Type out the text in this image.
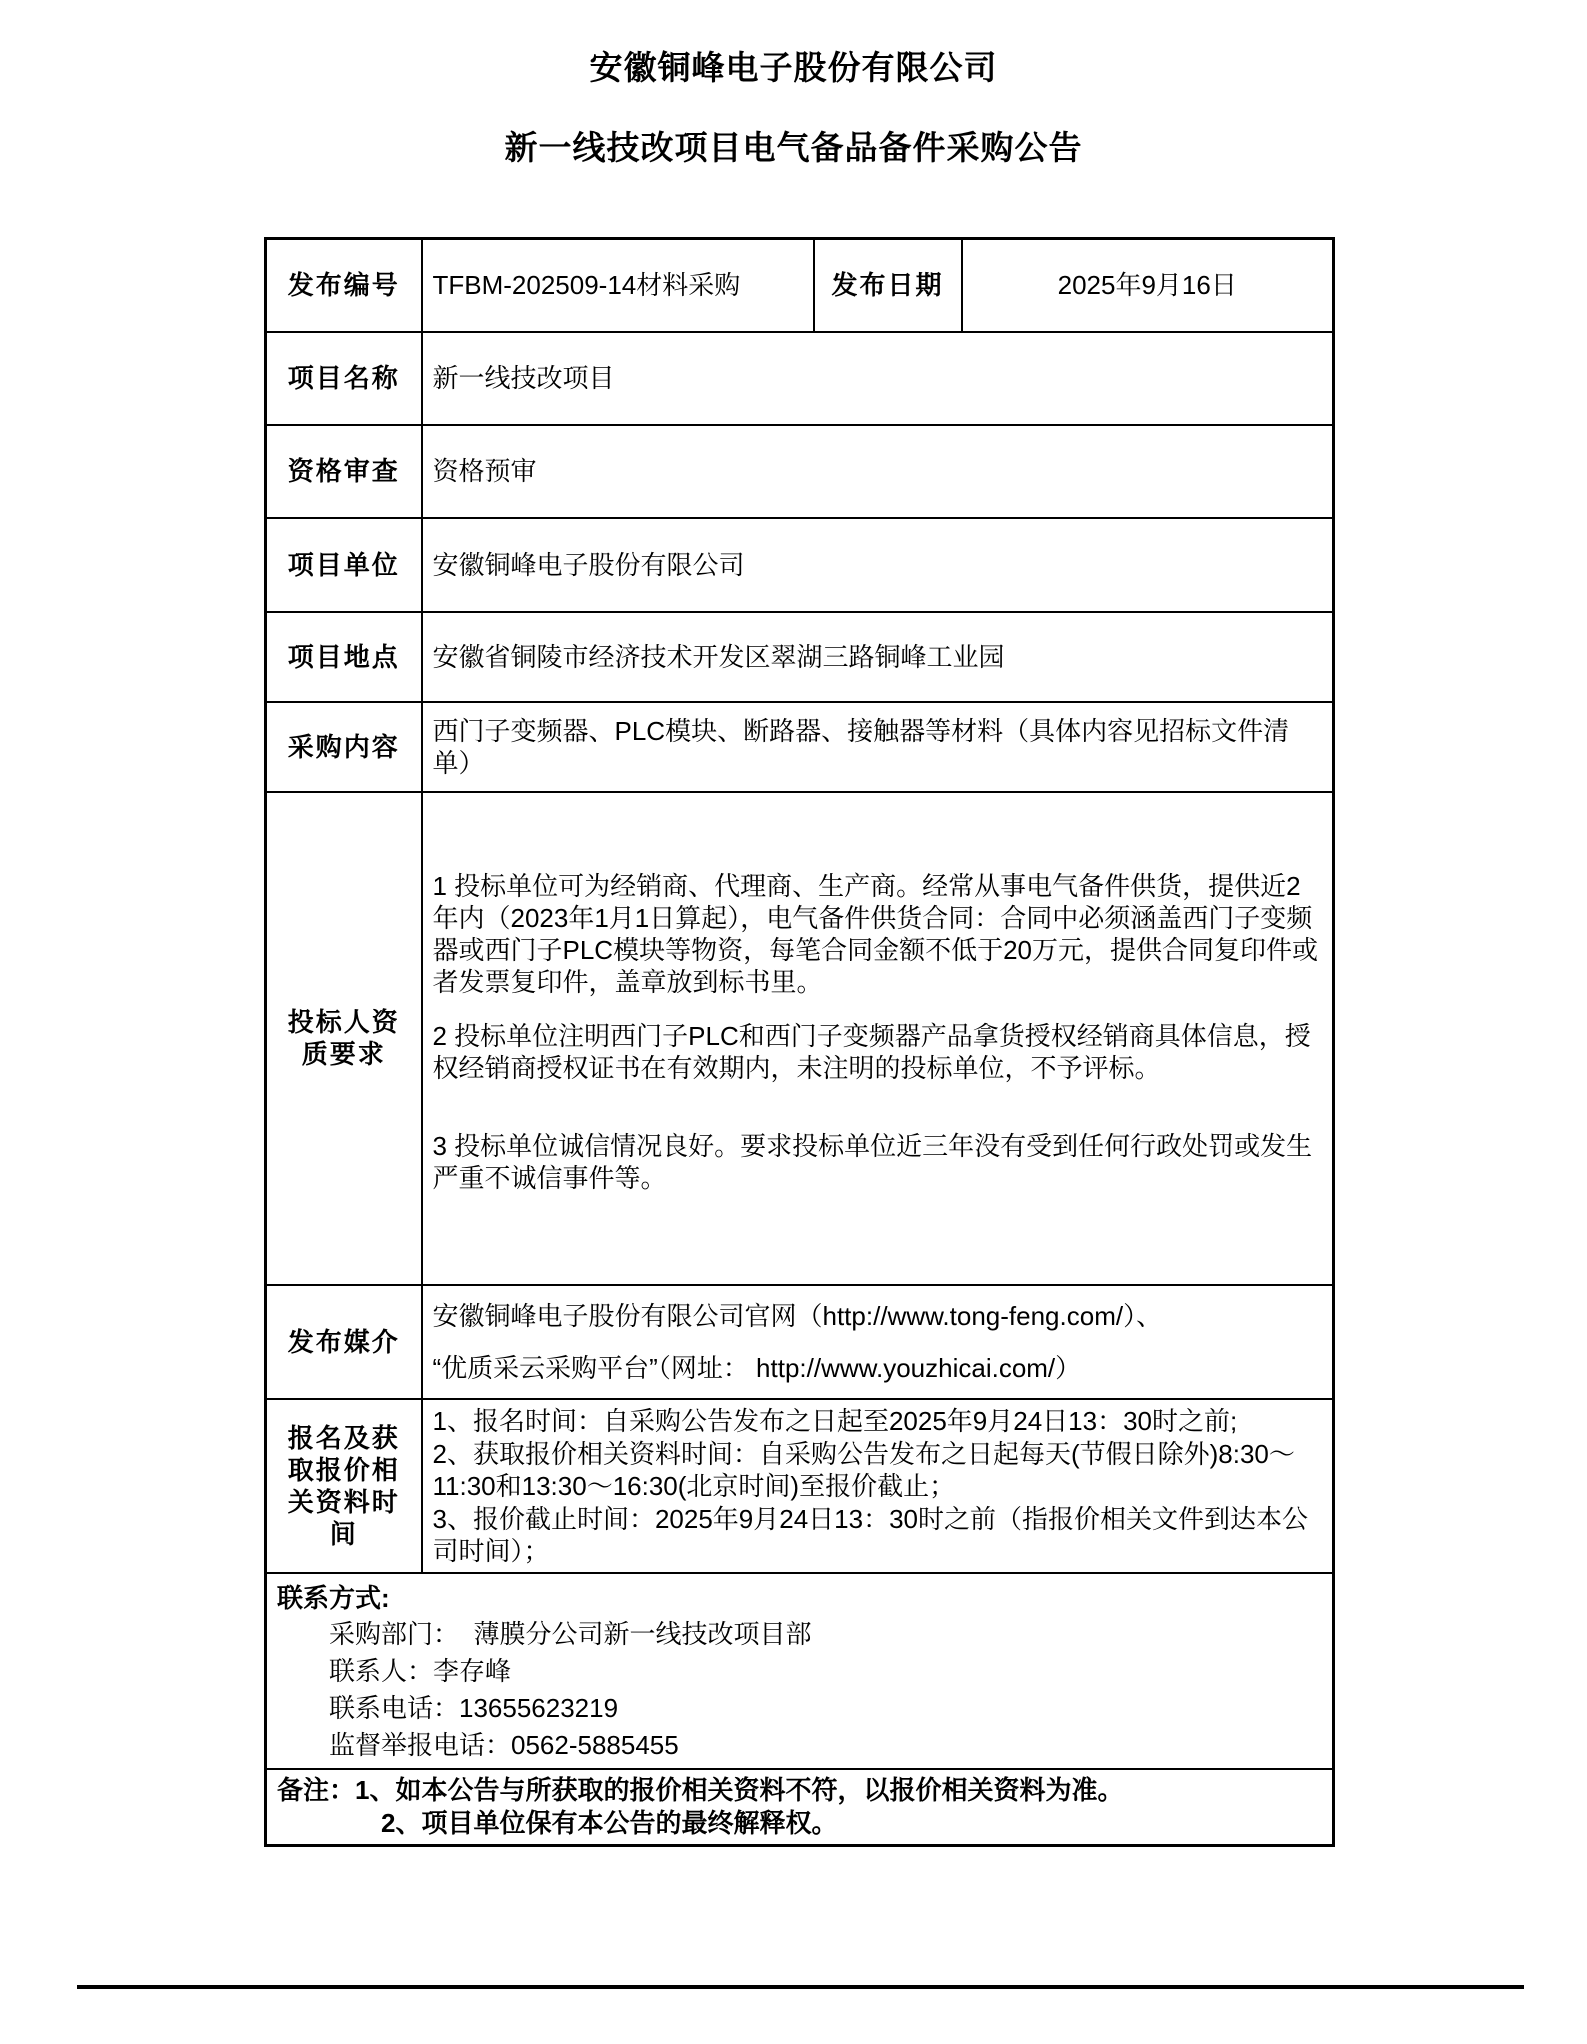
安徽铜峰电子股份有限公司
新一线技改项目电气备品备件采购公告
发布编号	TFBM-202509-14材料采购	发布日期	2025年9月16日
项目名称	新一线技改项目		
资格审查	资格预审		
项目单位	安徽铜峰电子股份有限公司		
项目地点	安徽省铜陵市经济技术开发区翠湖三路铜峰工业园		
采购内容	西门子变频器、PLC模块、断路器、接触器等材料（具体内容见招标文件清单）		
投标人资质要求	1 投标单位可为经销商、代理商、生产商。经常从事电气备件供货，提供近2年内（2023年1月1日算起），电气备件供货合同：合同中必须涵盖西门子变频器或西门子PLC模块等物资，每笔合同金额不低于20万元，提供合同复印件或者发票复印件，盖章放到标书里。

2 投标单位注明西门子PLC和西门子变频器产品拿货授权经销商具体信息，授权经销商授权证书在有效期内，未注明的投标单位，不予评标。

3 投标单位诚信情况良好。要求投标单位近三年没有受到任何行政处罚或发生严重不诚信事件等。		

发布媒介	安徽铜峰电子股份有限公司官网（http://www.tong-feng.com/）、
“优质采云采购平台”（网址： http://www.youzhicai.com/）		

报名及获取报价相关资料时间	1、报名时间：自采购公告发布之日起至2025年9月24日13：30时之前;
2、获取报价相关资料时间：自采购公告发布之日起每天(节假日除外)8:30～11:30和13:30～16:30(北京时间)至报价截止；
3、报价截止时间：2025年9月24日13：30时之前（指报价相关文件到达本公司时间）；		

联系方式:
采购部门：  薄膜分公司新一线技改项目部
联系人：李存峰
联系电话：13655623219
监督举报电话：0562-5885455			

备注：1、如本公告与所获取的报价相关资料不符，以报价相关资料为准。
2、项目单位保有本公告的最终解释权。			
